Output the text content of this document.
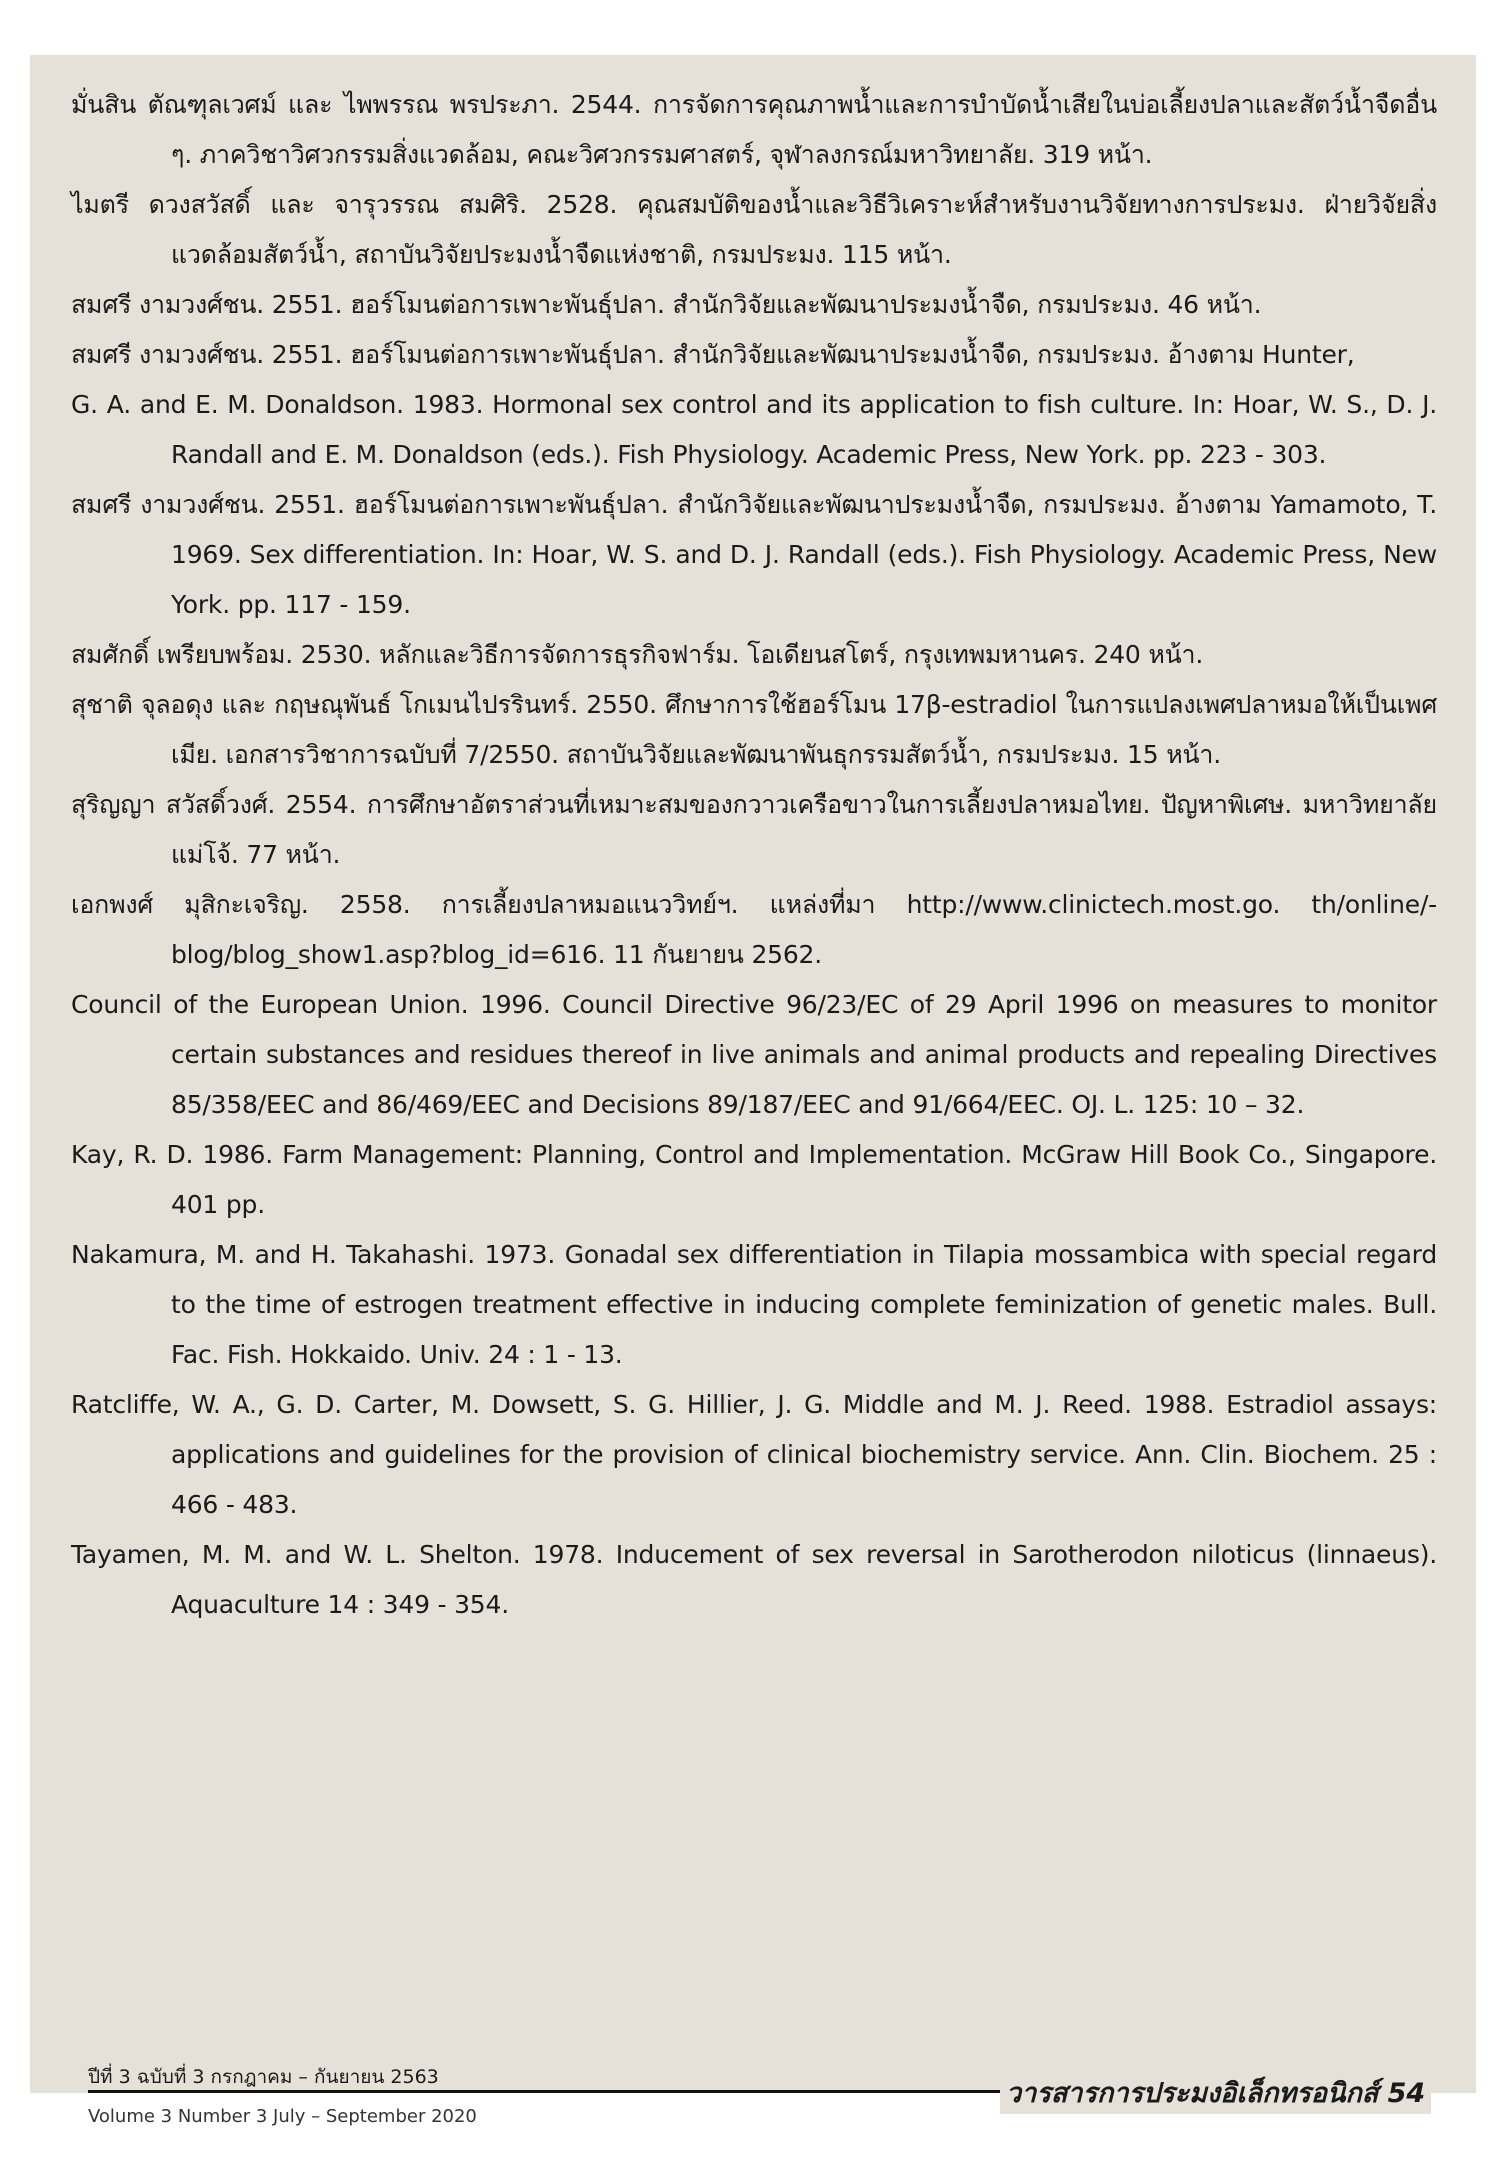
มั่นสิน ตัณฑุลเวศม์ และ ไพพรรณ พรประภา. 2544. การจัดการคุณภาพน้ำและการบำบัดน้ำเสียในบ่อเลี้ยงปลาและสัตว์น้ำจืดอื่น ๆ. ภาควิชาวิศวกรรมสิ่งแวดล้อม, คณะวิศวกรรมศาสตร์, จุฬาลงกรณ์มหาวิทยาลัย. 319 หน้า.

ไมตรี ดวงสวัสดิ์ และ จารุวรรณ สมศิริ. 2528. คุณสมบัติของน้ำและวิธีวิเคราะห์สำหรับงานวิจัยทางการประมง. ฝ่ายวิจัยสิ่งแวดล้อมสัตว์น้ำ, สถาบันวิจัยประมงน้ำจืดแห่งชาติ, กรมประมง. 115 หน้า.

สมศรี งามวงศ์ชน. 2551. ฮอร์โมนต่อการเพาะพันธุ์ปลา. สำนักวิจัยและพัฒนาประมงน้ำจืด, กรมประมง. 46 หน้า.

สมศรี งามวงศ์ชน. 2551. ฮอร์โมนต่อการเพาะพันธุ์ปลา. สำนักวิจัยและพัฒนาประมงน้ำจืด, กรมประมง. อ้างตาม Hunter,

G. A. and E. M. Donaldson. 1983. Hormonal sex control and its application to fish culture. In: Hoar, W. S., D. J. Randall and E. M. Donaldson (eds.). Fish Physiology. Academic Press, New York. pp. 223 - 303.

สมศรี งามวงศ์ชน. 2551. ฮอร์โมนต่อการเพาะพันธุ์ปลา. สำนักวิจัยและพัฒนาประมงน้ำจืด, กรมประมง. อ้างตาม Yamamoto, T. 1969. Sex differentiation. In: Hoar, W. S. and D. J. Randall (eds.). Fish Physiology. Academic Press, New York. pp. 117 - 159.

สมศักดิ์ เพรียบพร้อม. 2530. หลักและวิธีการจัดการธุรกิจฟาร์ม. โอเดียนสโตร์, กรุงเทพมหานคร. 240 หน้า.

สุชาติ จุลอดุง และ กฤษณุพันธ์ โกเมนไปรรินทร์. 2550. ศึกษาการใช้ฮอร์โมน 17β-estradiol ในการแปลงเพศปลาหมอให้เป็นเพศเมีย. เอกสารวิชาการฉบับที่ 7/2550. สถาบันวิจัยและพัฒนาพันธุกรรมสัตว์น้ำ, กรมประมง. 15 หน้า.

สุริญญา สวัสดิ์วงศ์. 2554. การศึกษาอัตราส่วนที่เหมาะสมของกวาวเครือขาวในการเลี้ยงปลาหมอไทย. ปัญหาพิเศษ. มหาวิทยาลัยแม่โจ้. 77 หน้า.

เอกพงศ์ มุสิกะเจริญ. 2558. การเลี้ยงปลาหมอแนววิทย์ฯ. แหล่งที่มา http://www.clinictech.most.go. th/online/-blog/blog_show1.asp?blog_id=616. 11 กันยายน 2562.

Council of the European Union. 1996. Council Directive 96/23/EC of 29 April 1996 on measures to monitor certain substances and residues thereof in live animals and animal products and repealing Directives 85/358/EEC and 86/469/EEC and Decisions 89/187/EEC and 91/664/EEC. OJ. L. 125: 10 – 32.

Kay, R. D. 1986. Farm Management: Planning, Control and Implementation. McGraw Hill Book Co., Singapore. 401 pp.

Nakamura, M. and H. Takahashi. 1973. Gonadal sex differentiation in Tilapia mossambica with special regard to the time of estrogen treatment effective in inducing complete feminization of genetic males. Bull. Fac. Fish. Hokkaido. Univ. 24 : 1 - 13.

Ratcliffe, W. A., G. D. Carter, M. Dowsett, S. G. Hillier, J. G. Middle and M. J. Reed. 1988. Estradiol assays: applications and guidelines for the provision of clinical biochemistry service. Ann. Clin. Biochem. 25 : 466 - 483.

Tayamen, M. M. and W. L. Shelton. 1978. Inducement of sex reversal in Sarotherodon niloticus (linnaeus). Aquaculture 14 : 349 - 354.

ปีที่ 3 ฉบับที่ 3 กรกฎาคม – กันยายน 2563
วารสารการประมงอิเล็กทรอนิกส์ 54
Volume 3 Number 3 July – September 2020
